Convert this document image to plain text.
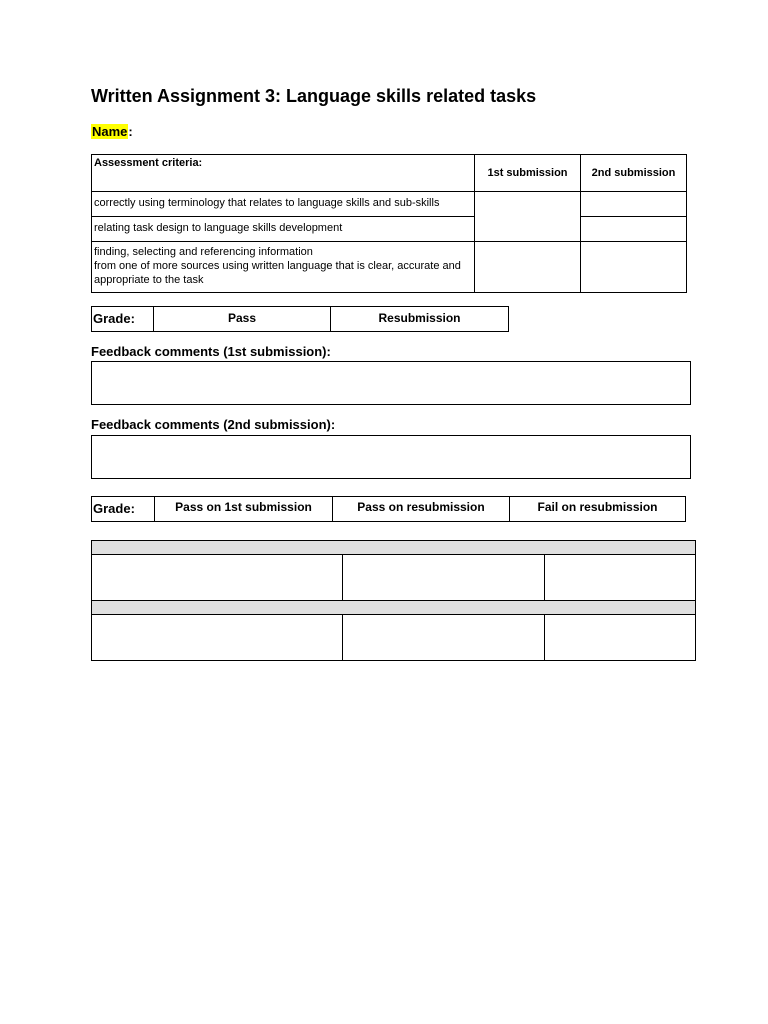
Written Assignment 3: Language skills related tasks
Name:
Assessment criteria:	1st submission	2nd submission
correctly using terminology that relates to language skills and sub-skills		
relating task design to language skills development		
finding, selecting and referencing information
from one of more sources using written language that is clear, accurate and appropriate to the task		
Grade:	Pass	Resubmission
Feedback comments (1st submission):
Feedback comments (2nd submission):
Grade:	Pass on 1st submission	Pass on resubmission	Fail on resubmission
